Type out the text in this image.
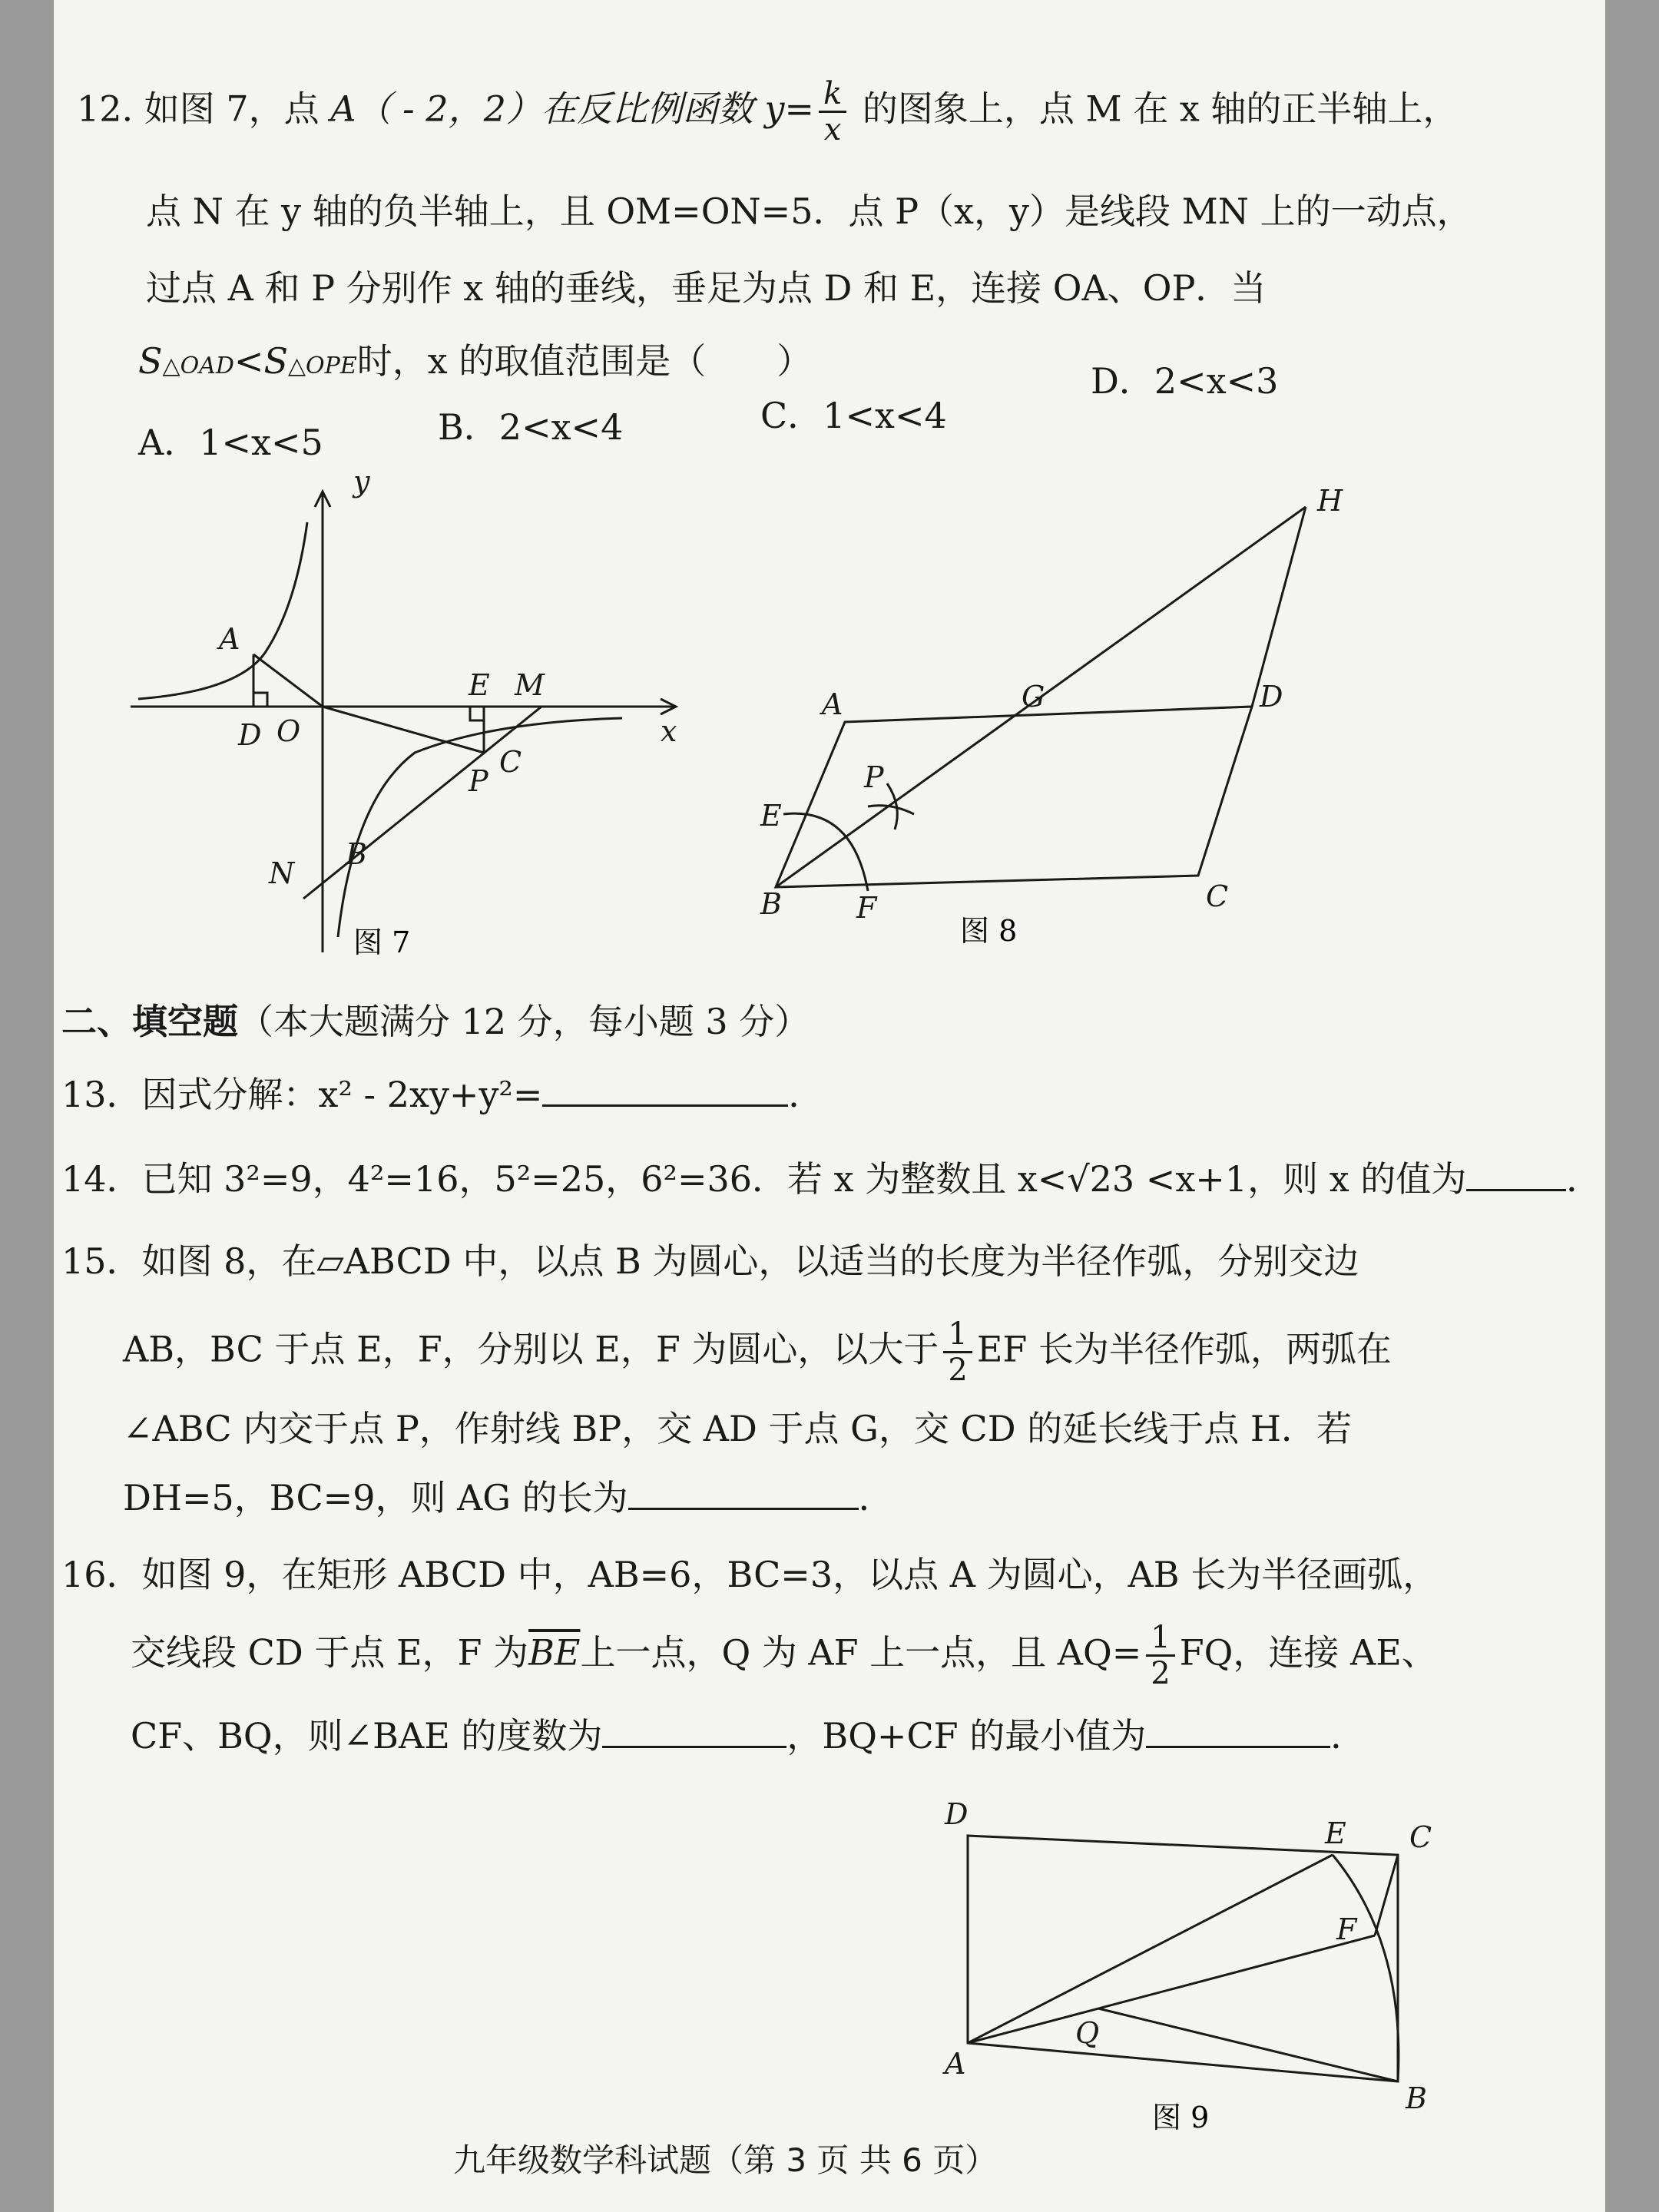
12. 如图 7，点 A（ - 2，2）在反比例函数 $y= \frac{k}{x}$ 的图象上，点 M 在 x 轴的正半轴上，
点 N 在 y 轴的负半轴上，且 OM=ON=5．点 P（x，y）是线段 MN 上的一动点，
过点 A 和 P 分别作 x 轴的垂线，垂足为点 D 和 E，连接 OA、OP．当
S△OAD<S△OPE时，x 的取值范围是（　　）
A．1<x<5	B．2<x<4	C．1<x<4
D．2<x<3
y
x
A
D O
E M
C
P
N
B
图 7
H
A	G	D
P
E
B	F	C
图 8
二、填空题（本大题满分 12 分，每小题 3 分）
13．因式分解：x² - 2xy+y²=	．
14．已知 3²=9，4²=16，5²=25，6²=36．若 x 为整数且 x<√23 <x+1，则 x 的值为	．
15．如图 8，在▱ABCD 中，以点 B 为圆心，以适当的长度为半径作弧，分别交边
AB，BC 于点 E，F，分别以 E，F 为圆心，以大于 $\frac{1}{2}$ EF 长为半径作弧，两弧在
∠ABC 内交于点 P，作射线 BP，交 AD 于点 G，交 CD 的延长线于点 H．若
DH=5，BC=9，则 AG 的长为	．
16．如图 9，在矩形 ABCD 中，AB=6，BC=3，以点 A 为圆心，AB 长为半径画弧，
交线段 CD 于点 E，F 为$\overline{BE}$上一点，Q 为 AF 上一点，且 $AQ= \frac{1}{2}$ FQ，连接 AE、
CF、BQ，则∠BAE 的度数为	，BQ+CF 的最小值为	．
D
E C
F
Q
A
B
图 9
九年级数学科试题（第 3 页 共 6 页）
